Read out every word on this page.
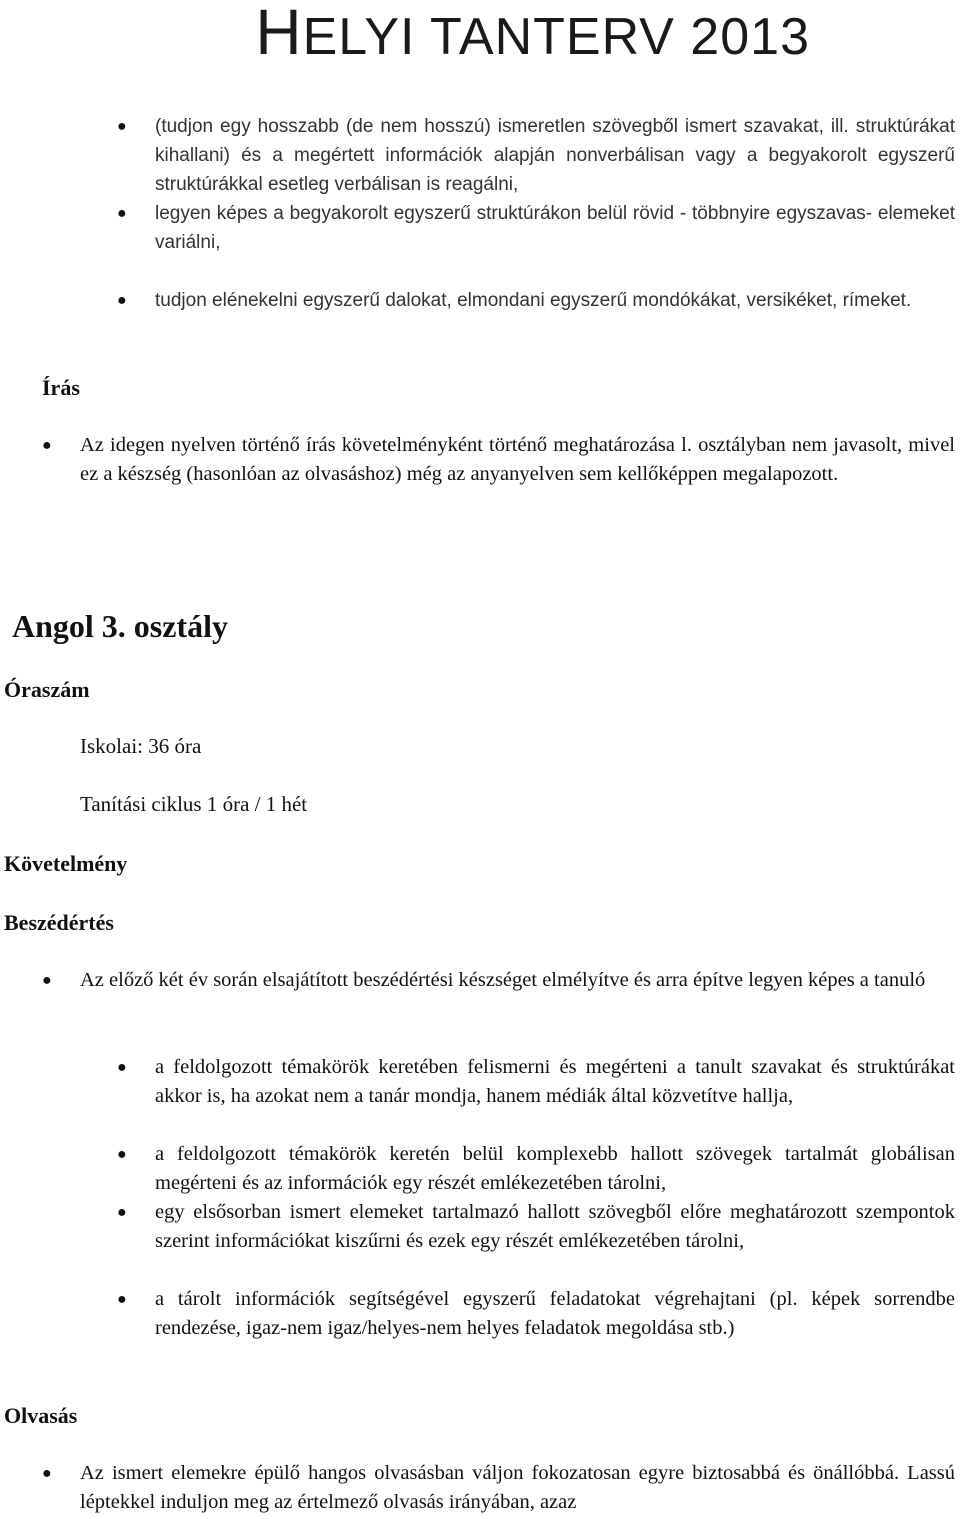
HELYI TANTERV 2013
● (tudjon egy hosszabb (de nem hosszú) ismeretlen szövegből ismert szavakat, ill. struktúrákat kihallani) és a megértett információk alapján nonverbálisan vagy a begyakorolt egyszerű struktúrákkal esetleg verbálisan is reagálni,
● legyen képes a begyakorolt egyszerű struktúrákon belül rövid - többnyire egyszavas- elemeket variálni,
● tudjon elénekelni egyszerű dalokat, elmondani egyszerű mondókákat, versikéket, rímeket.
Írás
● Az idegen nyelven történő írás követelményként történő meghatározása l. osztályban nem javasolt, mivel ez a készség (hasonlóan az olvasáshoz) még az anyanyelven sem kellőképpen megalapozott.
Angol 3. osztály
Óraszám
Iskolai: 36 óra
Tanítási ciklus 1 óra / 1 hét
Követelmény
Beszédértés
● Az előző két év során elsajátított beszédértési készséget elmélyítve és arra építve legyen képes a tanuló
● a feldolgozott témakörök keretében felismerni és megérteni a tanult szavakat és struktúrákat akkor is, ha azokat nem a tanár mondja, hanem médiák által közvetítve hallja,
● a feldolgozott témakörök keretén belül komplexebb hallott szövegek tartalmát globálisan megérteni és az információk egy részét emlékezetében tárolni,
● egy elsősorban ismert elemeket tartalmazó hallott szövegből előre meghatározott szempontok szerint információkat kiszűrni és ezek egy részét emlékezetében tárolni,
● a tárolt információk segítségével egyszerű feladatokat végrehajtani (pl. képek sorrendbe rendezése, igaz-nem igaz/helyes-nem helyes feladatok megoldása stb.)
Olvasás
● Az ismert elemekre épülő hangos olvasásban váljon fokozatosan egyre biztosabbá és önállóbbá. Lassú léptekkel induljon meg az értelmező olvasás irányában, azaz
